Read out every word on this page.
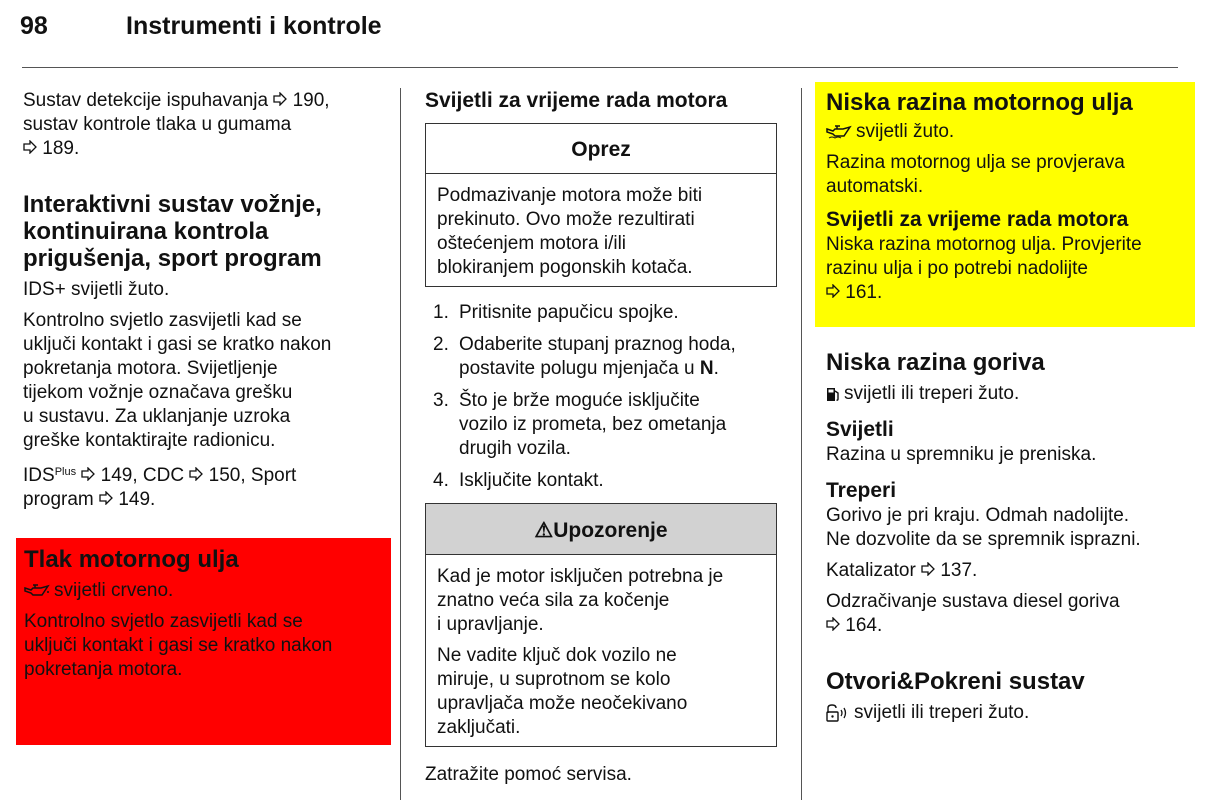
98	Instrumenti i kontrole

Sustav detekcije ispuhavanja 190,
sustav kontrole tlaka u gumama
189.

Interaktivni sustav vožnje,
kontinuirana kontrola
prigušenja, sport program

IDS+ svijetli žuto.

Kontrolno svjetlo zasvijetli kad se
uključi kontakt i gasi se kratko nakon
pokretanja motora. Svijetljenje
tijekom vožnje označava grešku
u sustavu. Za uklanjanje uzroka
greške kontaktirajte radionicu.

$IDS^{Plus}$ 149, CDC 150, Sport
program 149.

Tlak motornog ulja

svijetli crveno.

Kontrolno svjetlo zasvijetli kad se
uključi kontakt i gasi se kratko nakon
pokretanja motora.

Svijetli za vrijeme rada motora
Oprez

Podmazivanje motora može biti
prekinuto. Ovo može rezultirati
oštećenjem motora i/ili
blokiranjem pogonskih kotača.

1. Pritisnite papučicu spojke.
2. Odaberite stupanj praznog hoda,
postavite polugu mjenjača u N.
3. Što je brže moguće isključite
vozilo iz prometa, bez ometanja
drugih vozila.
4. Isključite kontakt.
⚠Upozorenje

Kad je motor isključen potrebna je
znatno veća sila za kočenje
i upravljanje.

Ne vadite ključ dok vozilo ne
miruje, u suprotnom se kolo
upravljača može neočekivano
zaključati.

Zatražite pomoć servisa.

Niska razina motornog ulja

svijetli žuto.

Razina motornog ulja se provjerava
automatski.

Svijetli za vrijeme rada motora

Niska razina motornog ulja. Provjerite
razinu ulja i po potrebi nadolijte
161.

Niska razina goriva

svijetli ili treperi žuto.

Svijetli

Razina u spremniku je preniska.

Treperi

Gorivo je pri kraju. Odmah nadolijte.
Ne dozvolite da se spremnik isprazni.

Katalizator 137.

Odzračivanje sustava diesel goriva
164.

Otvori&Pokreni sustav

svijetli ili treperi žuto.
